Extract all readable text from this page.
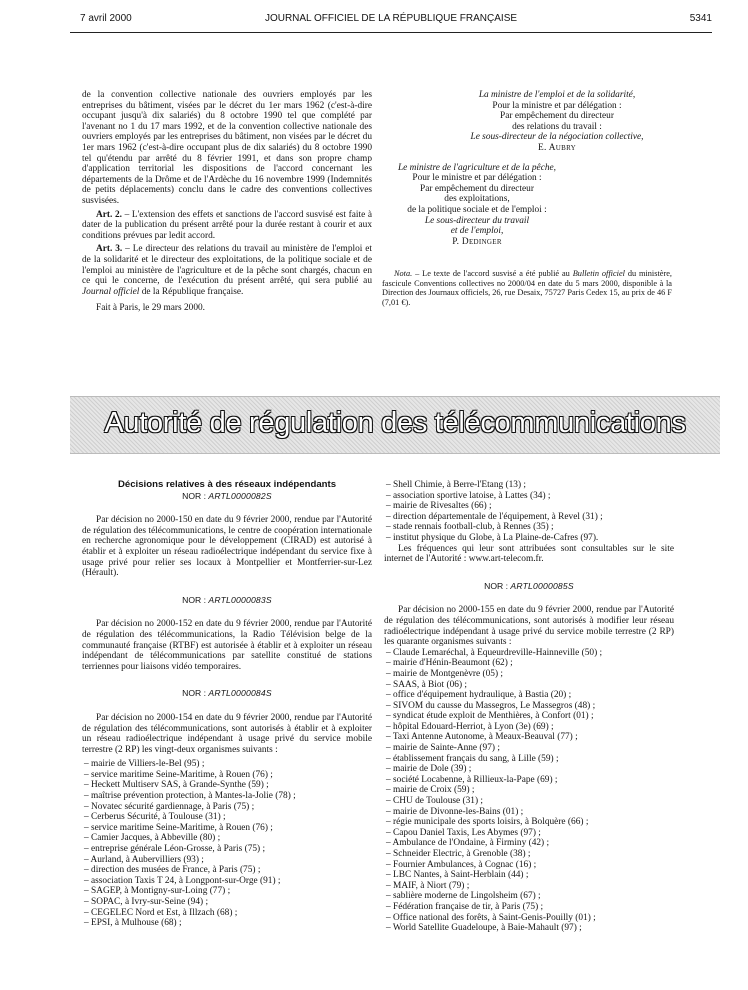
7 avril 2000	JOURNAL OFFICIEL DE LA RÉPUBLIQUE FRANÇAISE	5341

de la convention collective nationale des ouvriers employés par les entreprises du bâtiment, visées par le décret du 1er mars 1962 (c'est-à-dire occupant jusqu'à dix salariés) du 8 octobre 1990 tel que complété par l'avenant no 1 du 17 mars 1992, et de la convention collective nationale des ouvriers employés par les entreprises du bâtiment, non visées par le décret du 1er mars 1962 (c'est-à-dire occupant plus de dix salariés) du 8 octobre 1990 tel qu'étendu par arrêté du 8 février 1991, et dans son propre champ d'application territorial les dispositions de l'accord concernant les départements de la Drôme et de l'Ardèche du 16 novembre 1999 (Indemnités de petits déplacements) conclu dans le cadre des conventions collectives susvisées.

Art. 2. – L'extension des effets et sanctions de l'accord susvisé est faite à dater de la publication du présent arrêté pour la durée restant à courir et aux conditions prévues par ledit accord.

Art. 3. – Le directeur des relations du travail au ministère de l'emploi et de la solidarité et le directeur des exploitations, de la politique sociale et de l'emploi au ministère de l'agriculture et de la pêche sont chargés, chacun en ce qui le concerne, de l'exécution du présent arrêté, qui sera publié au Journal officiel de la République française.

Fait à Paris, le 29 mars 2000.

La ministre de l'emploi et de la solidarité,

Pour la ministre et par délégation :

Par empêchement du directeur

des relations du travail :

Le sous-directeur de la négociation collective,

E. Aubry

Le ministre de l'agriculture et de la pêche,

Pour le ministre et par délégation :

Par empêchement du directeur

des exploitations,

de la politique sociale et de l'emploi :

Le sous-directeur du travail

et de l'emploi,

P. Dedinger

Nota. – Le texte de l'accord susvisé a été publié au Bulletin officiel du ministère, fascicule Conventions collectives no 2000/04 en date du 5 mars 2000, disponible à la Direction des Journaux officiels, 26, rue Desaix, 75727 Paris Cedex 15, au prix de 46 F (7,01 €).

Autorité de régulation des télécommunications

Décisions relatives à des réseaux indépendants

NOR : ARTL0000082S

Par décision no 2000-150 en date du 9 février 2000, rendue par l'Autorité de régulation des télécommunications, le centre de coopération internationale en recherche agronomique pour le développement (CIRAD) est autorisé à établir et à exploiter un réseau radioélectrique indépendant du service fixe à usage privé pour relier ses locaux à Montpellier et Montferrier-sur-Lez (Hérault).

NOR : ARTL0000083S

Par décision no 2000-152 en date du 9 février 2000, rendue par l'Autorité de régulation des télécommunications, la Radio Télévision belge de la communauté française (RTBF) est autorisée à établir et à exploiter un réseau indépendant de télécommunications par satellite constitué de stations terriennes pour liaisons vidéo temporaires.

NOR : ARTL0000084S

Par décision no 2000-154 en date du 9 février 2000, rendue par l'Autorité de régulation des télécommunications, sont autorisés à établir et à exploiter un réseau radioélectrique indépendant à usage privé du service mobile terrestre (2 RP) les vingt-deux organismes suivants :

– mairie de Villiers-le-Bel (95) ;
– service maritime Seine-Maritime, à Rouen (76) ;
– Heckett Multiserv SAS, à Grande-Synthe (59) ;
– maîtrise prévention protection, à Mantes-la-Jolie (78) ;
– Novatec sécurité gardiennage, à Paris (75) ;
– Cerberus Sécurité, à Toulouse (31) ;
– service maritime Seine-Maritime, à Rouen (76) ;
– Camier Jacques, à Abbeville (80) ;
– entreprise générale Léon-Grosse, à Paris (75) ;
– Aurland, à Aubervilliers (93) ;
– direction des musées de France, à Paris (75) ;
– association Taxis T 24, à Longpont-sur-Orge (91) ;
– SAGEP, à Montigny-sur-Loing (77) ;
– SOPAC, à Ivry-sur-Seine (94) ;
– CEGELEC Nord et Est, à Illzach (68) ;
– EPSI, à Mulhouse (68) ;
– Shell Chimie, à Berre-l'Etang (13) ;
– association sportive latoise, à Lattes (34) ;
– mairie de Rivesaltes (66) ;
– direction départementale de l'équipement, à Revel (31) ;
– stade rennais football-club, à Rennes (35) ;
– institut physique du Globe, à La Plaine-de-Cafres (97).

Les fréquences qui leur sont attribuées sont consultables sur le site internet de l'Autorité : www.art-telecom.fr.

NOR : ARTL0000085S

Par décision no 2000-155 en date du 9 février 2000, rendue par l'Autorité de régulation des télécommunications, sont autorisés à modifier leur réseau radioélectrique indépendant à usage privé du service mobile terrestre (2 RP) les quarante organismes suivants :

– Claude Lemaréchal, à Equeurdreville-Hainneville (50) ;
– mairie d'Hénin-Beaumont (62) ;
– mairie de Montgenèvre (05) ;
– SAAS, à Biot (06) ;
– office d'équipement hydraulique, à Bastia (20) ;
– SIVOM du causse du Massegros, Le Massegros (48) ;
– syndicat étude exploit de Menthières, à Confort (01) ;
– hôpital Edouard-Herriot, à Lyon (3e) (69) ;
– Taxi Antenne Autonome, à Meaux-Beauval (77) ;
– mairie de Sainte-Anne (97) ;
– établissement français du sang, à Lille (59) ;
– mairie de Dole (39) ;
– société Locabenne, à Rillieux-la-Pape (69) ;
– mairie de Croix (59) ;
– CHU de Toulouse (31) ;
– mairie de Divonne-les-Bains (01) ;
– régie municipale des sports loisirs, à Bolquère (66) ;
– Capou Daniel Taxis, Les Abymes (97) ;
– Ambulance de l'Ondaine, à Firminy (42) ;
– Schneider Electric, à Grenoble (38) ;
– Fournier Ambulances, à Cognac (16) ;
– LBC Nantes, à Saint-Herblain (44) ;
– MAIF, à Niort (79) ;
– sablière moderne de Lingolsheim (67) ;
– Fédération française de tir, à Paris (75) ;
– Office national des forêts, à Saint-Genis-Pouilly (01) ;
– World Satellite Guadeloupe, à Baie-Mahault (97) ;
